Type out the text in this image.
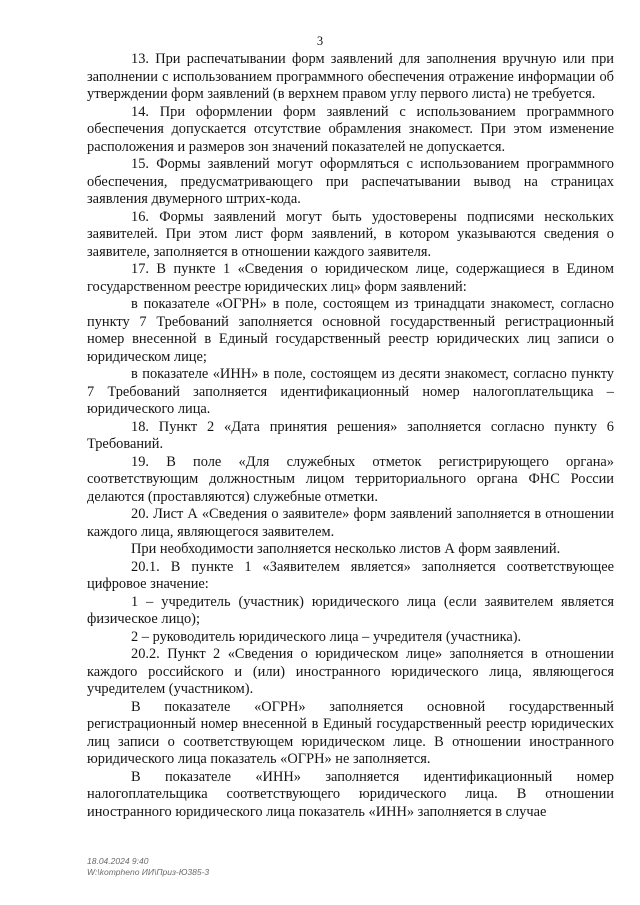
3

13. При распечатывании форм заявлений для заполнения вручную или при заполнении с использованием программного обеспечения отражение информации об утверждении форм заявлений (в верхнем правом углу первого листа) не требуется.

14. При оформлении форм заявлений с использованием программного обеспечения допускается отсутствие обрамления знакомест. При этом изменение расположения и размеров зон значений показателей не допускается.

15. Формы заявлений могут оформляться с использованием программного обеспечения, предусматривающего при распечатывании вывод на страницах заявления двумерного штрих-кода.

16. Формы заявлений могут быть удостоверены подписями нескольких заявителей. При этом лист форм заявлений, в котором указываются сведения о заявителе, заполняется в отношении каждого заявителя.

17. В пункте 1 «Сведения о юридическом лице, содержащиеся в Едином государственном реестре юридических лиц» форм заявлений:

в показателе «ОГРН» в поле, состоящем из тринадцати знакомест, согласно пункту 7 Требований заполняется основной государственный регистрационный номер внесенной в Единый государственный реестр юридических лиц записи о юридическом лице;

в показателе «ИНН» в поле, состоящем из десяти знакомест, согласно пункту 7 Требований заполняется идентификационный номер налогоплательщика – юридического лица.

18. Пункт 2 «Дата принятия решения» заполняется согласно пункту 6 Требований.

19. В поле «Для служебных отметок регистрирующего органа» соответствующим должностным лицом территориального органа ФНС России делаются (проставляются) служебные отметки.

20. Лист А «Сведения о заявителе» форм заявлений заполняется в отношении каждого лица, являющегося заявителем.

При необходимости заполняется несколько листов А форм заявлений.

20.1. В пункте 1 «Заявителем является» заполняется соответствующее цифровое значение:

1 – учредитель (участник) юридического лица (если заявителем является физическое лицо);

2 – руководитель юридического лица – учредителя (участника).

20.2. Пункт 2 «Сведения о юридическом лице» заполняется в отношении каждого российского и (или) иностранного юридического лица, являющегося учредителем (участником).

В показателе «ОГРН» заполняется основной государственный регистрационный номер внесенной в Единый государственный реестр юридических лиц записи о соответствующем юридическом лице. В отношении иностранного юридического лица показатель «ОГРН» не заполняется.

В показателе «ИНН» заполняется идентификационный номер налогоплательщика соответствующего юридического лица. В отношении иностранного юридического лица показатель «ИНН» заполняется в случае

18.04.2024 9:40
W:\kompheno ИИ\Приз-Ю385-3
